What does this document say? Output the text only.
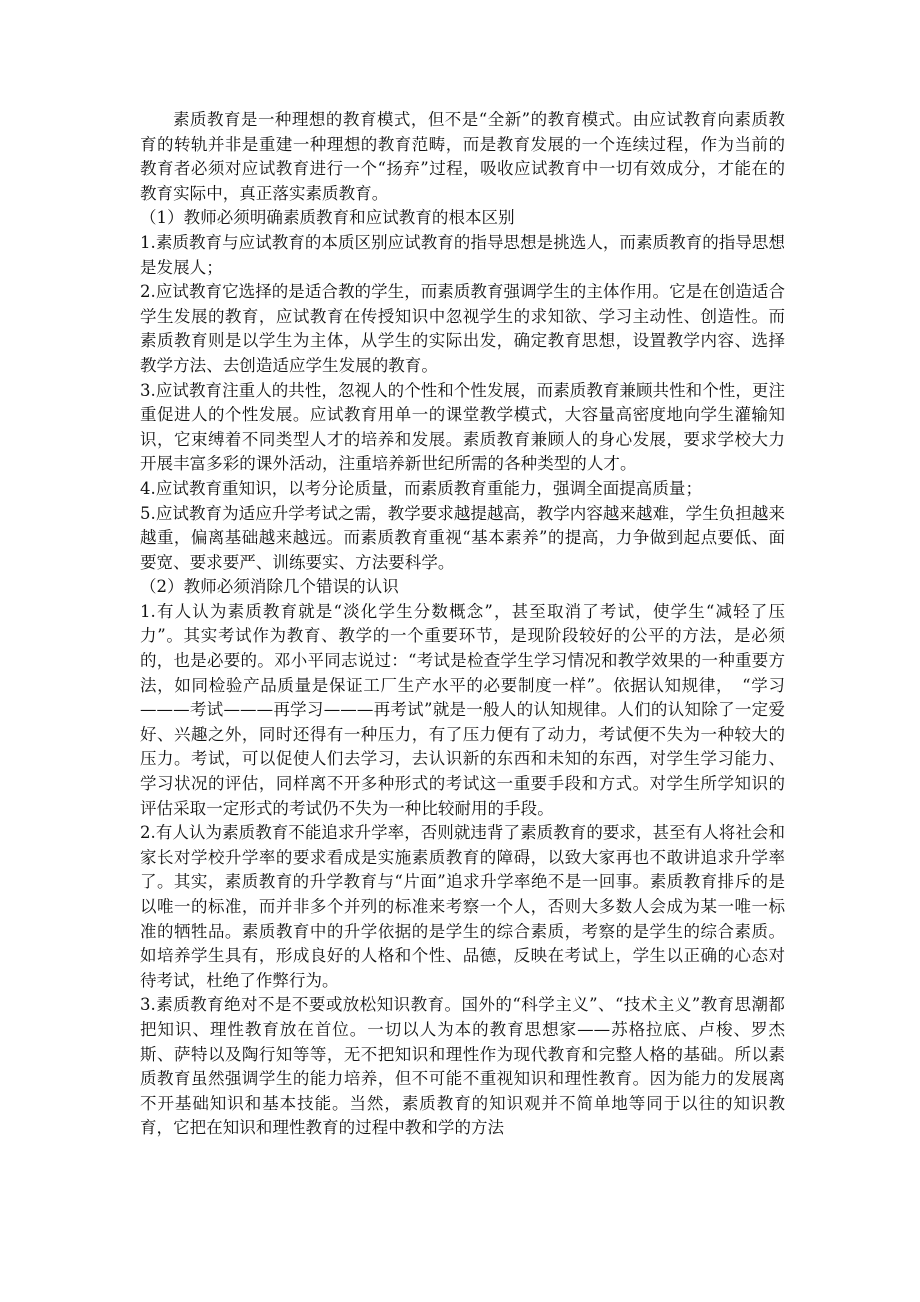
素质教育是一种理想的教育模式，但不是“全新”的教育模式。由应试教育向素质教育的转轨并非是重建一种理想的教育范畴，而是教育发展的一个连续过程，作为当前的教育者必须对应试教育进行一个“扬弃”过程，吸收应试教育中一切有效成分，才能在的教育实际中，真正落实素质教育。

（1）教师必须明确素质教育和应试教育的根本区别

1.素质教育与应试教育的本质区别应试教育的指导思想是挑选人，而素质教育的指导思想是发展人；

2.应试教育它选择的是适合教的学生，而素质教育强调学生的主体作用。它是在创造适合学生发展的教育，应试教育在传授知识中忽视学生的求知欲、学习主动性、创造性。而素质教育则是以学生为主体，从学生的实际出发，确定教育思想，设置教学内容、选择教学方法、去创造适应学生发展的教育。

3.应试教育注重人的共性，忽视人的个性和个性发展，而素质教育兼顾共性和个性，更注重促进人的个性发展。应试教育用单一的课堂教学模式，大容量高密度地向学生灌输知识，它束缚着不同类型人才的培养和发展。素质教育兼顾人的身心发展，要求学校大力开展丰富多彩的课外活动，注重培养新世纪所需的各种类型的人才。

4.应试教育重知识，以考分论质量，而素质教育重能力，强调全面提高质量；

5.应试教育为适应升学考试之需，教学要求越提越高，教学内容越来越难，学生负担越来越重，偏离基础越来越远。而素质教育重视“基本素养”的提高，力争做到起点要低、面要宽、要求要严、训练要实、方法要科学。

（2）教师必须消除几个错误的认识

1.有人认为素质教育就是“淡化学生分数概念”，甚至取消了考试，使学生“减轻了压力”。其实考试作为教育、教学的一个重要环节，是现阶段较好的公平的方法，是必须的，也是必要的。邓小平同志说过：“考试是检查学生学习情况和教学效果的一种重要方法，如同检验产品质量是保证工厂生产水平的必要制度一样”。依据认知规律，　“学习———考试———再学习———再考试”就是一般人的认知规律。人们的认知除了一定爱好、兴趣之外，同时还得有一种压力，有了压力便有了动力，考试便不失为一种较大的压力。考试，可以促使人们去学习，去认识新的东西和未知的东西，对学生学习能力、学习状况的评估，同样离不开多种形式的考试这一重要手段和方式。对学生所学知识的评估采取一定形式的考试仍不失为一种比较耐用的手段。

2.有人认为素质教育不能追求升学率，否则就违背了素质教育的要求，甚至有人将社会和家长对学校升学率的要求看成是实施素质教育的障碍，以致大家再也不敢讲追求升学率了。其实，素质教育的升学教育与“片面”追求升学率绝不是一回事。素质教育排斥的是以唯一的标准，而并非多个并列的标准来考察一个人，否则大多数人会成为某一唯一标准的牺牲品。素质教育中的升学依据的是学生的综合素质，考察的是学生的综合素质。如培养学生具有，形成良好的人格和个性、品德，反映在考试上，学生以正确的心态对待考试，杜绝了作弊行为。

3.素质教育绝对不是不要或放松知识教育。国外的“科学主义”、“技术主义”教育思潮都把知识、理性教育放在首位。一切以人为本的教育思想家——苏格拉底、卢梭、罗杰斯、萨特以及陶行知等等，无不把知识和理性作为现代教育和完整人格的基础。所以素质教育虽然强调学生的能力培养，但不可能不重视知识和理性教育。因为能力的发展离不开基础知识和基本技能。当然，素质教育的知识观并不简单地等同于以往的知识教育，它把在知识和理性教育的过程中教和学的方法
